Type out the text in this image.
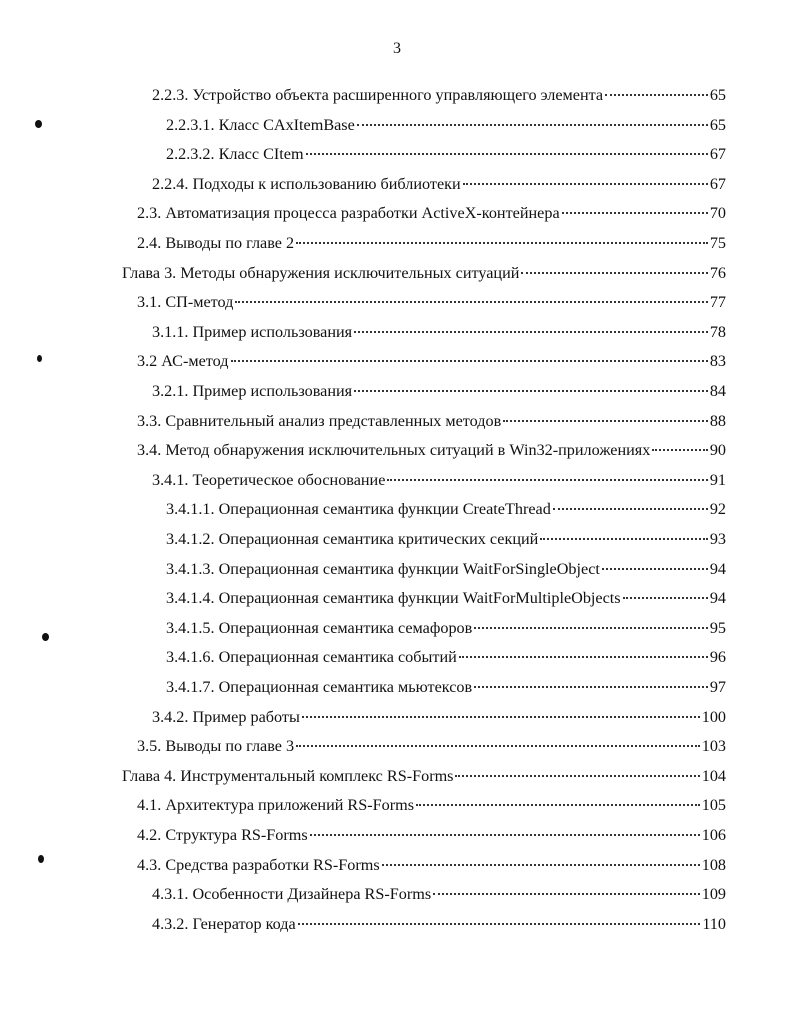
3
2.2.3. Устройство объекта расширенного управляющего элемента	65
2.2.3.1. Класс CAxItemBase	65
2.2.3.2. Класс CItem	67
2.2.4. Подходы к использованию библиотеки	67
2.3. Автоматизация процесса разработки ActiveX-контейнера	70
2.4. Выводы по главе 2	75
Глава 3. Методы обнаружения исключительных ситуаций	76
3.1. СП-метод	77
3.1.1. Пример использования	78
3.2 АС-метод	83
3.2.1. Пример использования	84
3.3. Сравнительный анализ представленных методов	88
3.4. Метод обнаружения исключительных ситуаций в Win32-приложениях	90
3.4.1. Теоретическое обоснование	91
3.4.1.1. Операционная семантика функции CreateThread	92
3.4.1.2. Операционная семантика критических секций	93
3.4.1.3. Операционная семантика функции WaitForSingleObject	94
3.4.1.4. Операционная семантика функции WaitForMultipleObjects	94
3.4.1.5. Операционная семантика семафоров	95
3.4.1.6. Операционная семантика событий	96
3.4.1.7. Операционная семантика мьютексов	97
3.4.2. Пример работы	100
3.5. Выводы по главе 3	103
Глава 4. Инструментальный комплекс RS-Forms	104
4.1. Архитектура приложений RS-Forms	105
4.2. Структура RS-Forms	106
4.3. Средства разработки RS-Forms	108
4.3.1. Особенности Дизайнера RS-Forms	109
4.3.2. Генератор кода	110
